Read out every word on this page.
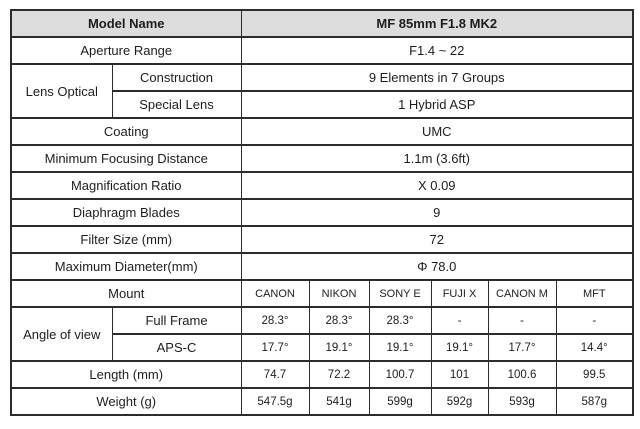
Model Name		MF 85mm F1.8 MK2					
Aperture Range		F1.4 ~ 22					
Lens Optical	Construction	9 Elements in 7 Groups					
	Special Lens	1 Hybrid ASP					
Coating		UMC					
Minimum Focusing Distance		1.1m (3.6ft)					
Magnification Ratio		X 0.09					
Diaphragm Blades		9					
Filter Size (mm)		72					
Maximum Diameter(mm)		Φ 78.0					
Mount		CANON	NIKON	SONY E	FUJI X	CANON M	MFT
Angle of view	Full Frame	28.3°	28.3°	28.3°	-	-	-
	APS-C	17.7°	19.1°	19.1°	19.1°	17.7°	14.4°
Length (mm)		74.7	72.2	100.7	101	100.6	99.5
Weight (g)		547.5g	541g	599g	592g	593g	587g
